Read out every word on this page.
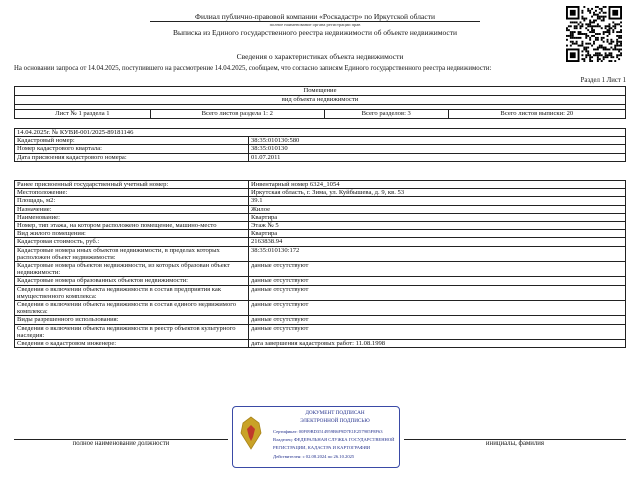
Филиал публично-правовой компании «Роскадастр» по Иркутской области
полное наименование органа регистрации прав
Выписка из Единого государственного реестра недвижимости об объекте недвижимости
Сведения о характеристиках объекта недвижимости
На основании запроса от 14.04.2025, поступившего на рассмотрение 14.04.2025, сообщаем, что согласно записям Единого государственного реестра недвижимости:
Раздел 1 Лист 1
Помещение
вид объекта недвижимости

Лист № 1 раздела 1	Всего листов раздела 1: 2	Всего разделов: 3	Всего листов выписки: 20
14.04.2025г. № КУВИ-001/2025-89181146	
Кадастровый номер:	38:35:010130:580
Номер кадастрового квартала:	38:35:010130
Дата присвоения кадастрового номера:	01.07.2011
Ранее присвоенный государственный учетный номер:	Инвентарный номер 6324_1054
Местоположение:	Иркутская область, г. Зима, ул. Куйбышева, д. 9, кв. 53
Площадь, м2:	39.1
Назначение:	Жилое
Наименование:	Квартира
Номер, тип этажа, на котором расположено помещение, машино-место	Этаж № 5
Вид жилого помещения:	Квартира
Кадастровая стоимость, руб.:	2163838.94
Кадастровые номера иных объектов недвижимости, в пределах которых расположен объект недвижимости:	38:35:010130:172
Кадастровые номера объектов недвижимости, из которых образован объект недвижимости:	данные отсутствуют
Кадастровые номера образованных объектов недвижимости:	данные отсутствуют
Сведения о включении объекта недвижимости в состав предприятия как имущественного комплекса:	данные отсутствуют
Сведения о включении объекта недвижимости в состав единого недвижимого комплекса:	данные отсутствуют
Виды разрешенного использования:	данные отсутствуют
Сведения о включении объекта недвижимости в реестр объектов культурного наследия:	данные отсутствуют
Сведения о кадастровом инженере:	дата завершения кадастровых работ: 11.08.1998
полное наименование должности	инициалы, фамилия
ДОКУМЕНТ ПОДПИСАН
ЭЛЕКТРОННОЙ ПОДПИСЬЮ
Сертификат: 00F09BD3514959B6F9D7E1E257905F8F63
Владелец: ФЕДЕРАЛЬНАЯ СЛУЖБА ГОСУДАРСТВЕННОЙ
РЕГИСТРАЦИИ, КАДАСТРА И КАРТОГРАФИИ
Действителен: с 02.08.2024 по 26.10.2025
